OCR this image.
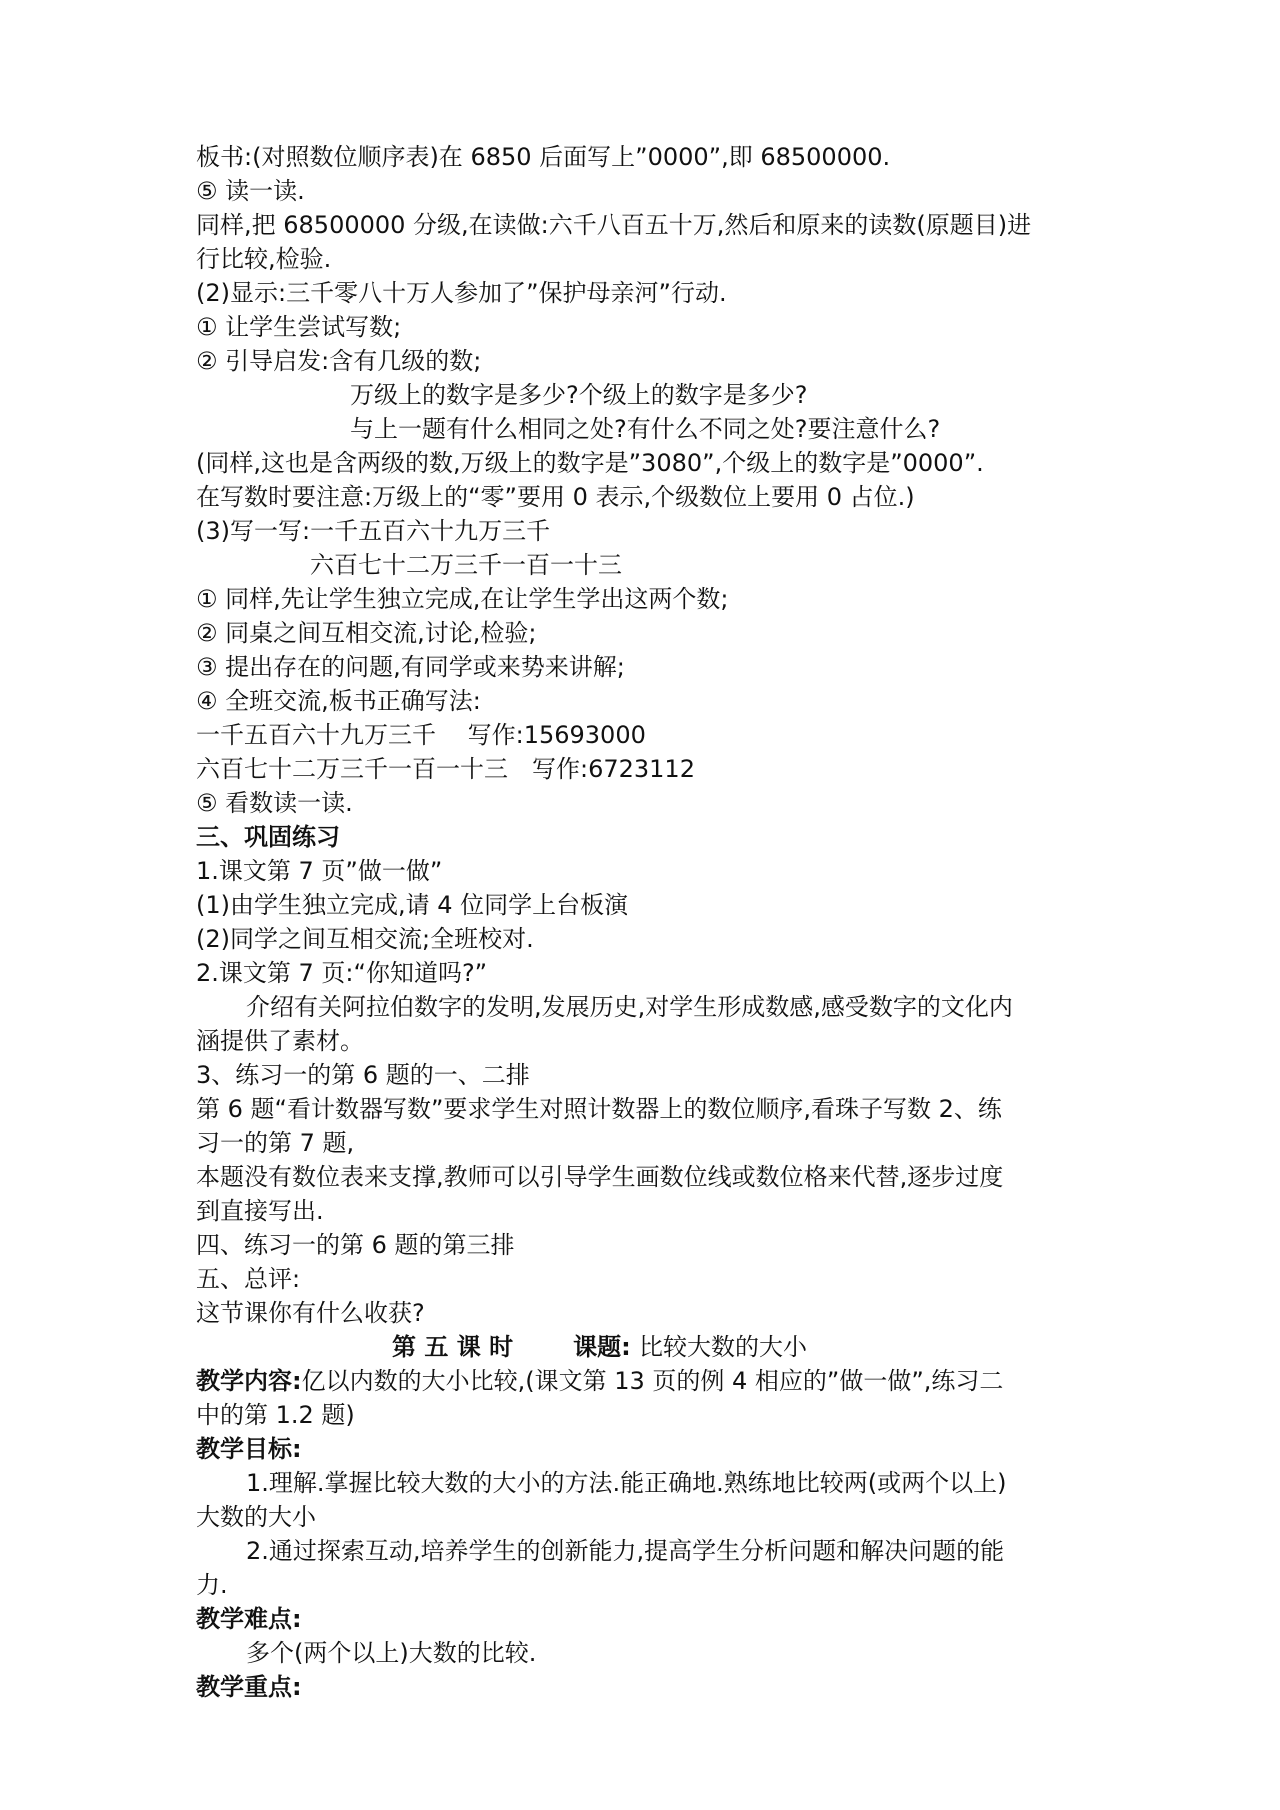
板书:(对照数位顺序表)在 6850 后面写上”0000”,即 68500000.
⑤ 读一读.
同样,把 68500000 分级,在读做:六千八百五十万,然后和原来的读数(原题目)进
行比较,检验.
(2)显示:三千零八十万人参加了”保护母亲河”行动.
① 让学生尝试写数;
② 引导启发:含有几级的数;
万级上的数字是多少?个级上的数字是多少?
与上一题有什么相同之处?有什么不同之处?要注意什么?
(同样,这也是含两级的数,万级上的数字是”3080”,个级上的数字是”0000”.
在写数时要注意:万级上的“零”要用 0 表示,个级数位上要用 0 占位.)
(3)写一写:一千五百六十九万三千
六百七十二万三千一百一十三
① 同样,先让学生独立完成,在让学生学出这两个数;
② 同桌之间互相交流,讨论,检验;
③ 提出存在的问题,有同学或来势来讲解;
④ 全班交流,板书正确写法:
一千五百六十九万三千　 写作:15693000
六百七十二万三千一百一十三　写作:6723112
⑤ 看数读一读.
三、巩固练习
1.课文第 7 页”做一做”
(1)由学生独立完成,请 4 位同学上台板演
(2)同学之间互相交流;全班校对.
2.课文第 7 页:“你知道吗?”
介绍有关阿拉伯数字的发明,发展历史,对学生形成数感,感受数字的文化内
涵提供了素材。
3、练习一的第 6 题的一、二排
第 6 题“看计数器写数”要求学生对照计数器上的数位顺序,看珠子写数 2、练
习一的第 7 题,
本题没有数位表来支撑,教师可以引导学生画数位线或数位格来代替,逐步过度
到直接写出.
四、练习一的第 6 题的第三排
五、总评:
这节课你有什么收获?
第 五 课 时	课题: 比较大数的大小
教学内容:亿以内数的大小比较,(课文第 13 页的例 4 相应的”做一做”,练习二
中的第 1.2 题)
教学目标:
1.理解.掌握比较大数的大小的方法.能正确地.熟练地比较两(或两个以上)
大数的大小
2.通过探索互动,培养学生的创新能力,提高学生分析问题和解决问题的能
力.
教学难点:
多个(两个以上)大数的比较.
教学重点:
